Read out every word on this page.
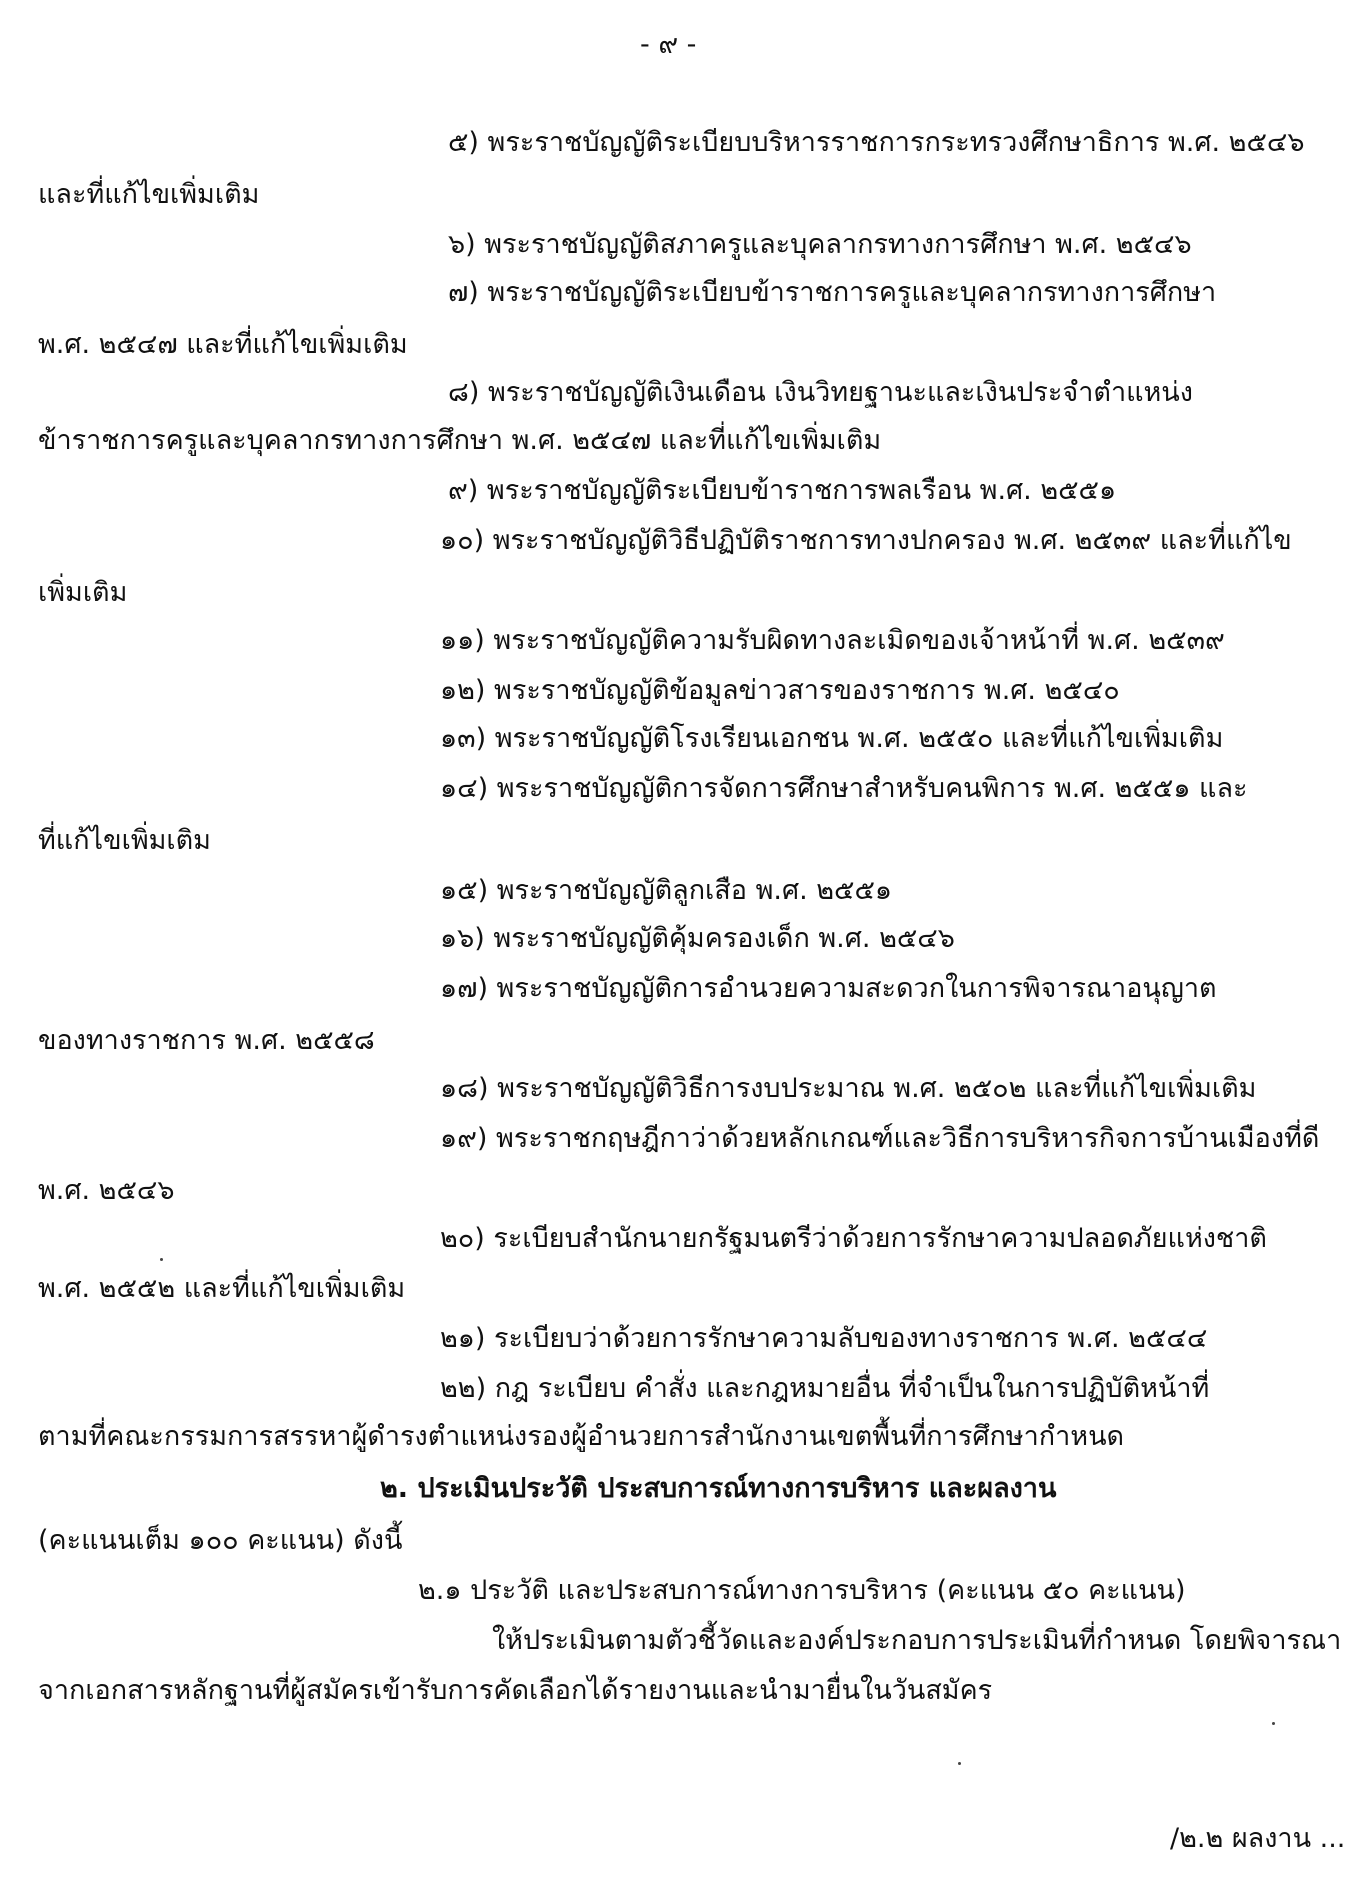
- ๙ -
๕) พระราชบัญญัติระเบียบบริหารราชการกระทรวงศึกษาธิการ พ.ศ. ๒๕๔๖
และที่แก้ไขเพิ่มเติม
๖) พระราชบัญญัติสภาครูและบุคลากรทางการศึกษา พ.ศ. ๒๕๔๖
๗) พระราชบัญญัติระเบียบข้าราชการครูและบุคลากรทางการศึกษา
พ.ศ. ๒๕๔๗ และที่แก้ไขเพิ่มเติม
๘) พระราชบัญญัติเงินเดือน เงินวิทยฐานะและเงินประจำตำแหน่ง
ข้าราชการครูและบุคลากรทางการศึกษา พ.ศ. ๒๕๔๗ และที่แก้ไขเพิ่มเติม
๙) พระราชบัญญัติระเบียบข้าราชการพลเรือน พ.ศ. ๒๕๕๑
๑๐) พระราชบัญญัติวิธีปฏิบัติราชการทางปกครอง พ.ศ. ๒๕๓๙ และที่แก้ไข
เพิ่มเติม
๑๑) พระราชบัญญัติความรับผิดทางละเมิดของเจ้าหน้าที่ พ.ศ. ๒๕๓๙
๑๒) พระราชบัญญัติข้อมูลข่าวสารของราชการ พ.ศ. ๒๕๔๐
๑๓) พระราชบัญญัติโรงเรียนเอกชน พ.ศ. ๒๕๕๐ และที่แก้ไขเพิ่มเติม
๑๔) พระราชบัญญัติการจัดการศึกษาสำหรับคนพิการ พ.ศ. ๒๕๕๑ และ
ที่แก้ไขเพิ่มเติม
๑๕) พระราชบัญญัติลูกเสือ พ.ศ. ๒๕๕๑
๑๖) พระราชบัญญัติคุ้มครองเด็ก พ.ศ. ๒๕๔๖
๑๗) พระราชบัญญัติการอำนวยความสะดวกในการพิจารณาอนุญาต
ของทางราชการ พ.ศ. ๒๕๕๘
๑๘) พระราชบัญญัติวิธีการงบประมาณ พ.ศ. ๒๕๐๒ และที่แก้ไขเพิ่มเติม
๑๙) พระราชกฤษฎีกาว่าด้วยหลักเกณฑ์และวิธีการบริหารกิจการบ้านเมืองที่ดี
พ.ศ. ๒๕๔๖
๒๐) ระเบียบสำนักนายกรัฐมนตรีว่าด้วยการรักษาความปลอดภัยแห่งชาติ
พ.ศ. ๒๕๕๒ และที่แก้ไขเพิ่มเติม
๒๑) ระเบียบว่าด้วยการรักษาความลับของทางราชการ พ.ศ. ๒๕๔๔
๒๒) กฎ ระเบียบ คำสั่ง และกฎหมายอื่น ที่จำเป็นในการปฏิบัติหน้าที่
ตามที่คณะกรรมการสรรหาผู้ดำรงตำแหน่งรองผู้อำนวยการสำนักงานเขตพื้นที่การศึกษากำหนด
๒. ประเมินประวัติ ประสบการณ์ทางการบริหาร และผลงาน
(คะแนนเต็ม ๑๐๐ คะแนน) ดังนี้
๒.๑ ประวัติ และประสบการณ์ทางการบริหาร (คะแนน ๕๐ คะแนน)
ให้ประเมินตามตัวชี้วัดและองค์ประกอบการประเมินที่กำหนด โดยพิจารณา
จากเอกสารหลักฐานที่ผู้สมัครเข้ารับการคัดเลือกได้รายงานและนำมายื่นในวันสมัคร
/๒.๒ ผลงาน ...
